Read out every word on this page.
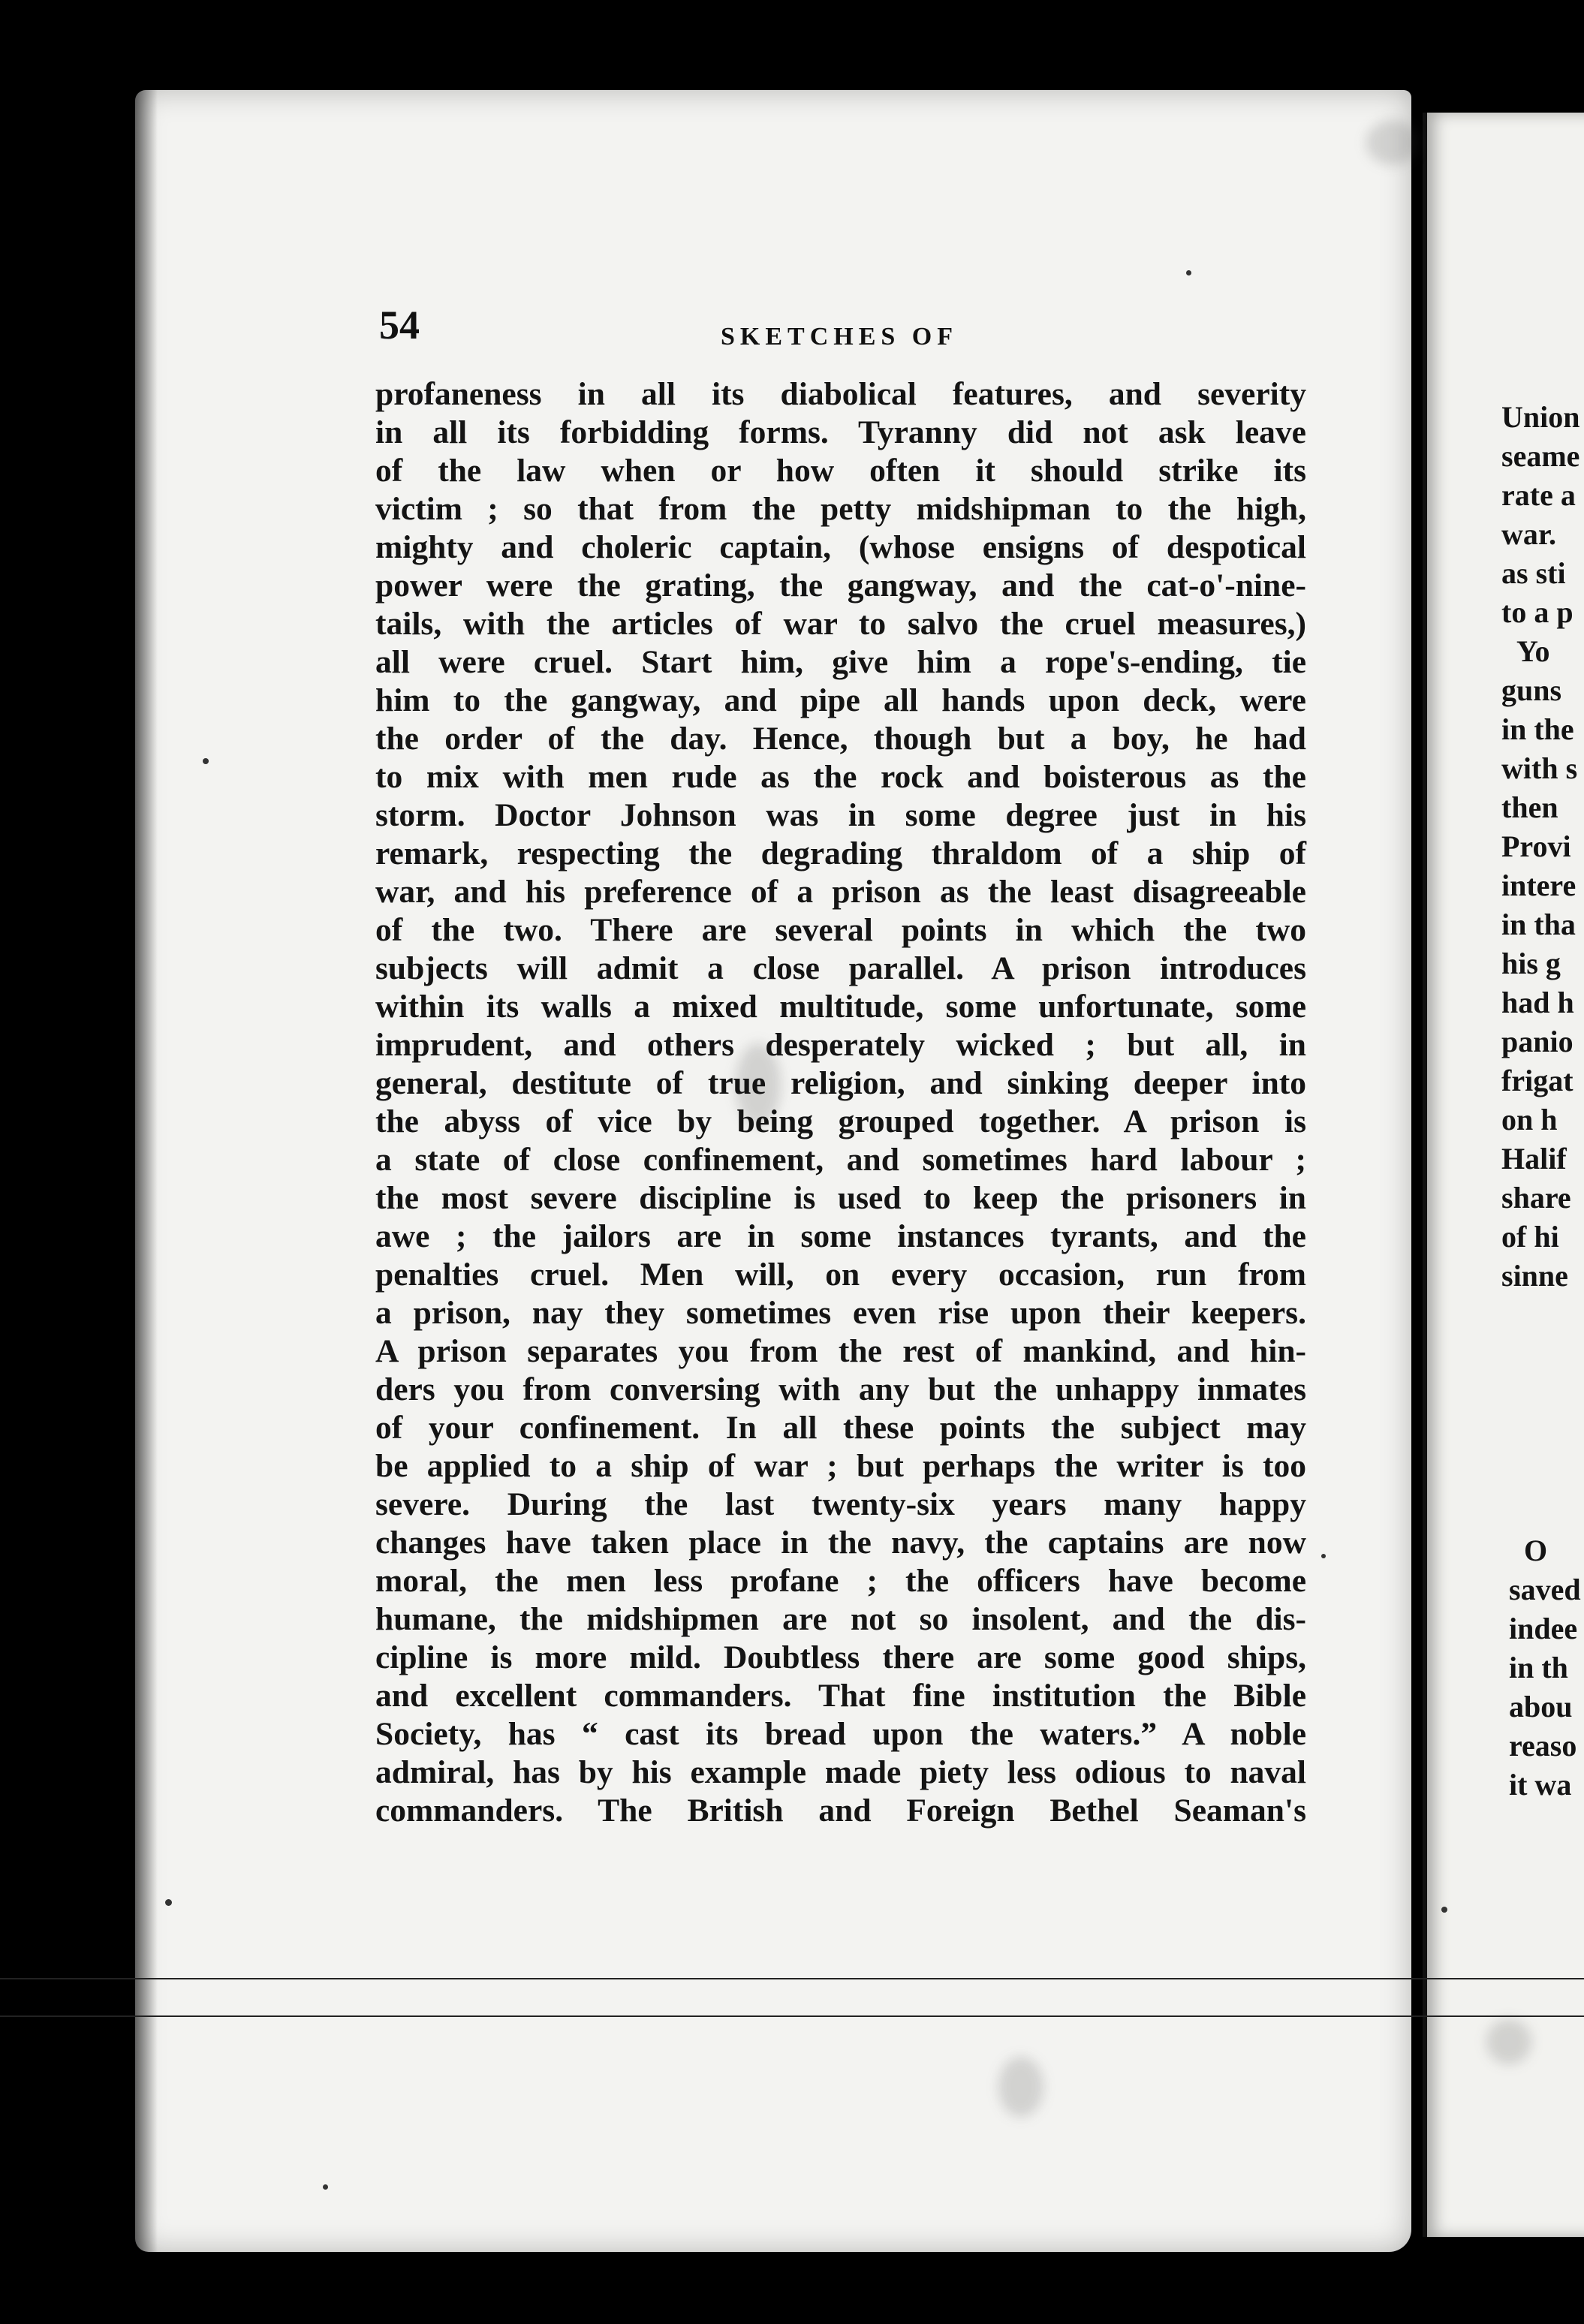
54	SKETCHES OF
profaneness in all its diabolical features, and severity
in all its forbidding forms. Tyranny did not ask leave
of the law when or how often it should strike its
victim ; so that from the petty midshipman to the high,
mighty and choleric captain, (whose ensigns of despotical
power were the grating, the gangway, and the cat-o'-nine-
tails, with the articles of war to salvo the cruel measures,)
all were cruel. Start him, give him a rope's-ending, tie
him to the gangway, and pipe all hands upon deck, were
the order of the day. Hence, though but a boy, he had
to mix with men rude as the rock and boisterous as the
storm. Doctor Johnson was in some degree just in his
remark, respecting the degrading thraldom of a ship of
war, and his preference of a prison as the least disagreeable
of the two. There are several points in which the two
subjects will admit a close parallel. A prison introduces
within its walls a mixed multitude, some unfortunate, some
imprudent, and others desperately wicked ; but all, in
general, destitute of true religion, and sinking deeper into
the abyss of vice by being grouped together. A prison is
a state of close confinement, and sometimes hard labour ;
the most severe discipline is used to keep the prisoners in
awe ; the jailors are in some instances tyrants, and the
penalties cruel. Men will, on every occasion, run from
a prison, nay they sometimes even rise upon their keepers.
A prison separates you from the rest of mankind, and hin-
ders you from conversing with any but the unhappy inmates
of your confinement. In all these points the subject may
be applied to a ship of war ; but perhaps the writer is too
severe. During the last twenty-six years many happy
changes have taken place in the navy, the captains are now
moral, the men less profane ; the officers have become
humane, the midshipmen are not so insolent, and the dis-
cipline is more mild. Doubtless there are some good ships,
and excellent commanders. That fine institution the Bible
Society, has “ cast its bread upon the waters.” A noble
admiral, has by his example made piety less odious to naval
commanders. The British and Foreign Bethel Seaman's
Union
seame
rate a
war.
as sti
to a p
Yo
guns
in the
with s
then
Provi
intere
in tha
his g
had h
panio
frigat
on h
Halif
share
of hi
sinne
O
saved
indee
in th
abou
reaso
it wa
